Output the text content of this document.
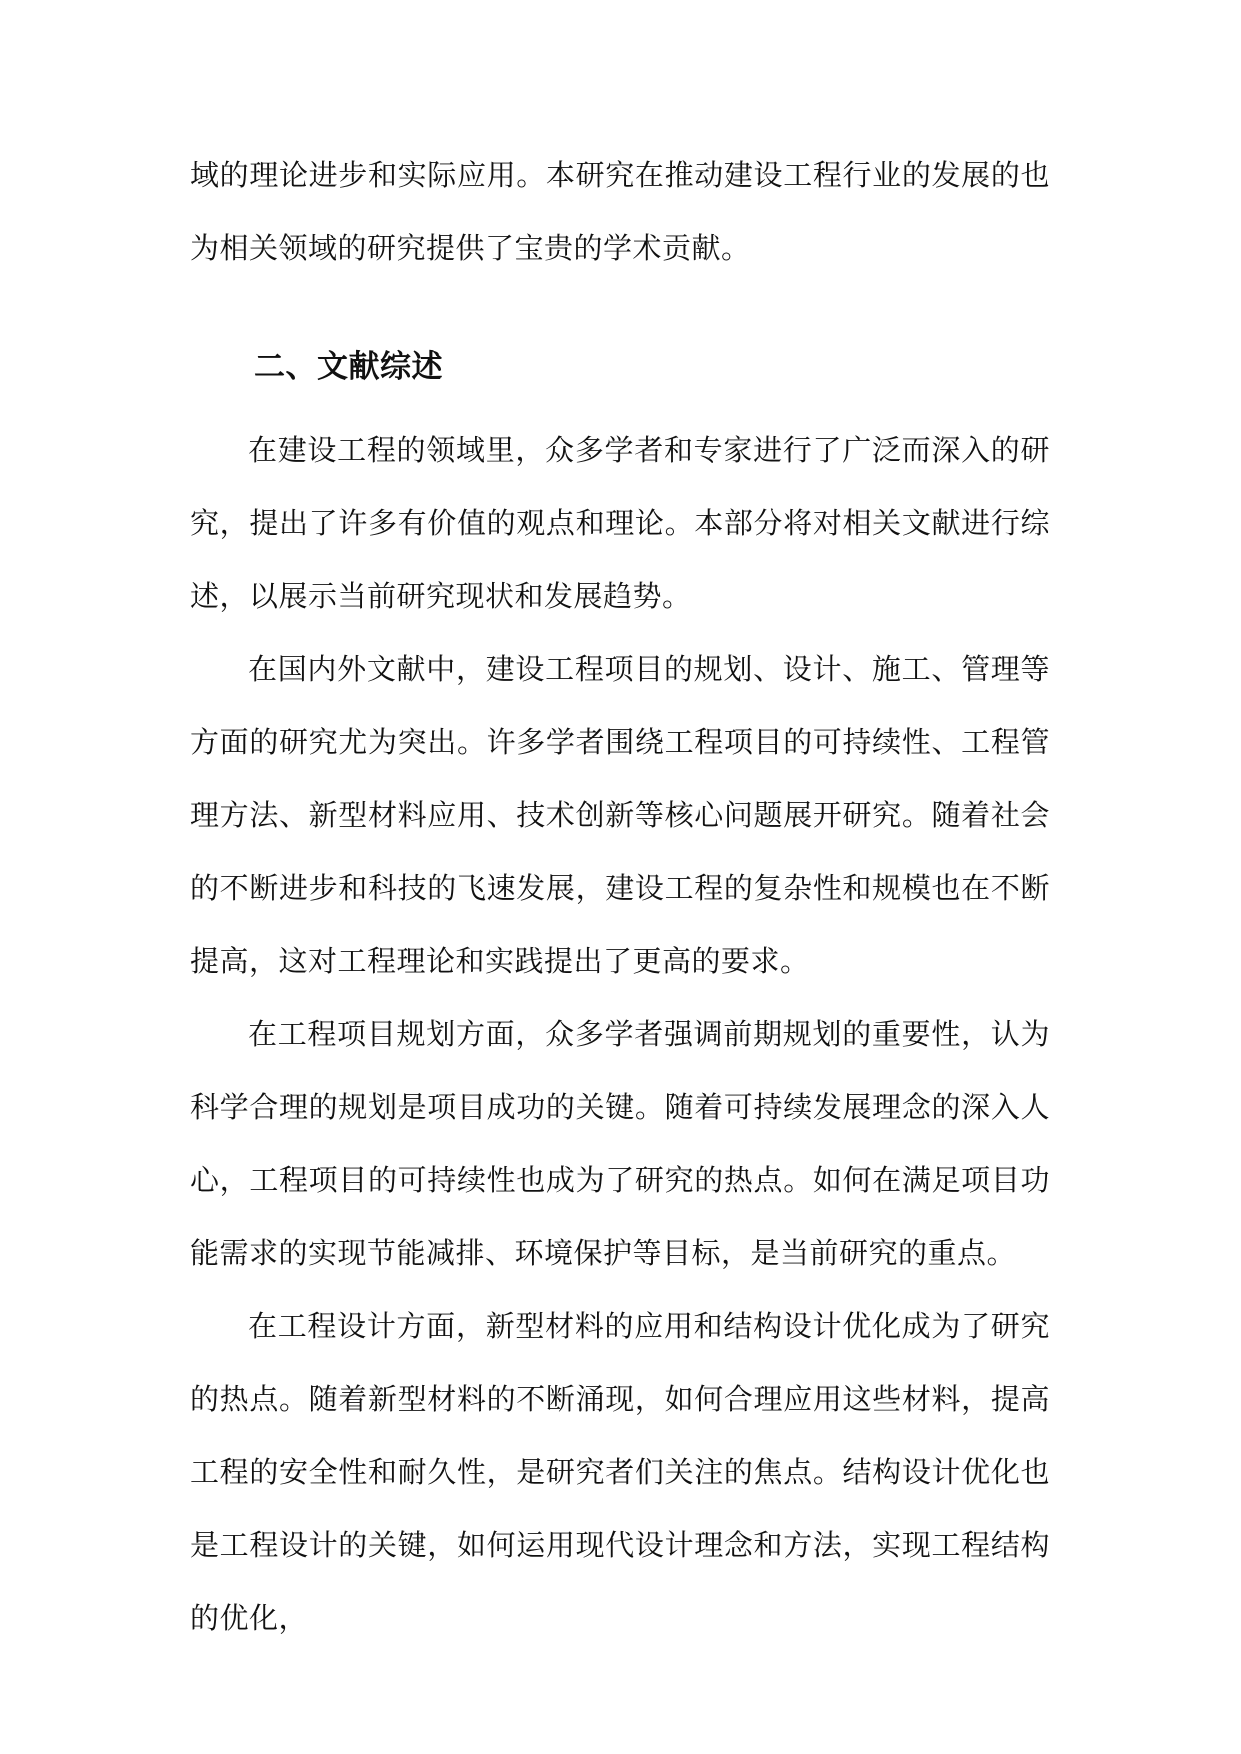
域的理论进步和实际应用。本研究在推动建设工程行业的发展的也为相关领域的研究提供了宝贵的学术贡献。

二、文献综述

在建设工程的领域里，众多学者和专家进行了广泛而深入的研究，提出了许多有价值的观点和理论。本部分将对相关文献进行综述，以展示当前研究现状和发展趋势。

在国内外文献中，建设工程项目的规划、设计、施工、管理等方面的研究尤为突出。许多学者围绕工程项目的可持续性、工程管理方法、新型材料应用、技术创新等核心问题展开研究。随着社会的不断进步和科技的飞速发展，建设工程的复杂性和规模也在不断提高，这对工程理论和实践提出了更高的要求。

在工程项目规划方面，众多学者强调前期规划的重要性，认为科学合理的规划是项目成功的关键。随着可持续发展理念的深入人心，工程项目的可持续性也成为了研究的热点。如何在满足项目功能需求的实现节能减排、环境保护等目标，是当前研究的重点。

在工程设计方面，新型材料的应用和结构设计优化成为了研究的热点。随着新型材料的不断涌现，如何合理应用这些材料，提高工程的安全性和耐久性，是研究者们关注的焦点。结构设计优化也是工程设计的关键，如何运用现代设计理念和方法，实现工程结构的优化，
